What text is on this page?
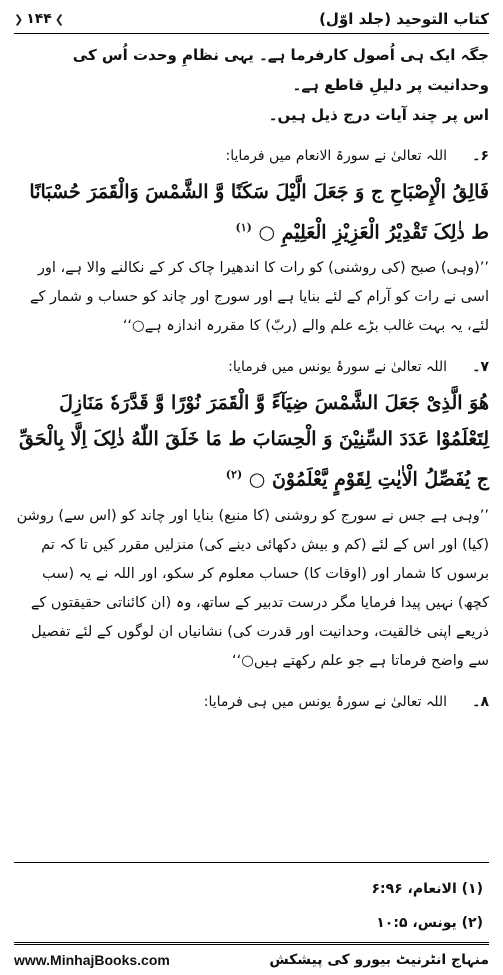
کتاب التوحید (جلد اوّل)
❯
۱۴۴
❮

جگہ ایک ہی اُصول کارفرما ہے۔ یہی نظامِ وحدت اُس کی وحدانیت پر دلیلِ قاطع ہے۔

اس پر چند آیات درج ذیل ہیں۔

۶۔
اللہ تعالیٰ نے سورۃ الانعام میں فرمایا:

فَالِقُ الْإِصْبَاحِ ج وَ جَعَلَ الَّیْلَ سَکَنًا وَّ الشَّمْسَ وَالْقَمَرَ حُسْبَانًا ط ذٰلِکَ تَقْدِیْرُ الْعَزِیْزِ الْعَلِیْمِ ○ $^{(۱)}$

’’(وہی) صبح (کی روشنی) کو رات کا اندھیرا چاک کر کے نکالنے والا ہے، اور اسی نے رات کو آرام کے لئے بنایا ہے اور سورج اور چاند کو حساب و شمار کے لئے، یہ بہت غالب بڑے علم والے (ربّ) کا مقررہ اندازہ ہے○‘‘

۷۔
اللہ تعالیٰ نے سورۂ یونس میں فرمایا:

هُوَ الَّذِیْ جَعَلَ الشَّمْسَ ضِیَآءً وَّ الْقَمَرَ نُوْرًا وَّ قَدَّرَهٗ مَنَازِلَ لِتَعْلَمُوْا عَدَدَ السِّنِیْنَ وَ الْحِسَابَ ط مَا خَلَقَ اللّٰهُ ذٰلِکَ اِلَّا بِالْحَقِّ ج یُفَصِّلُ الْاٰیٰتِ لِقَوْمٍ یَّعْلَمُوْنَ ○ $^{(۲)}$

’’وہی ہے جس نے سورج کو روشنی (کا منبع) بنایا اور چاند کو (اس سے) روشن (کیا) اور اس کے لئے (کم و بیش دکھائی دینے کی) منزلیں مقرر کیں تا کہ تم برسوں کا شمار اور (اوقات کا) حساب معلوم کر سکو، اور اللہ نے یہ (سب کچھ) نہیں پیدا فرمایا مگر درست تدبیر کے ساتھ، وہ (ان کائناتی حقیقتوں کے ذریعے اپنی خالقیت، وحدانیت اور قدرت کی) نشانیاں ان لوگوں کے لئے تفصیل سے واضح فرماتا ہے جو علم رکھتے ہیں○‘‘

۸۔
اللہ تعالیٰ نے سورۂ یونس میں ہی فرمایا:
(۱) الانعام، ۶:۹۶
(۲) یونس، ۱۰:۵
www.MinhajBooks.com	منہاج انٹرنیٹ بیورو کی پیشکش
